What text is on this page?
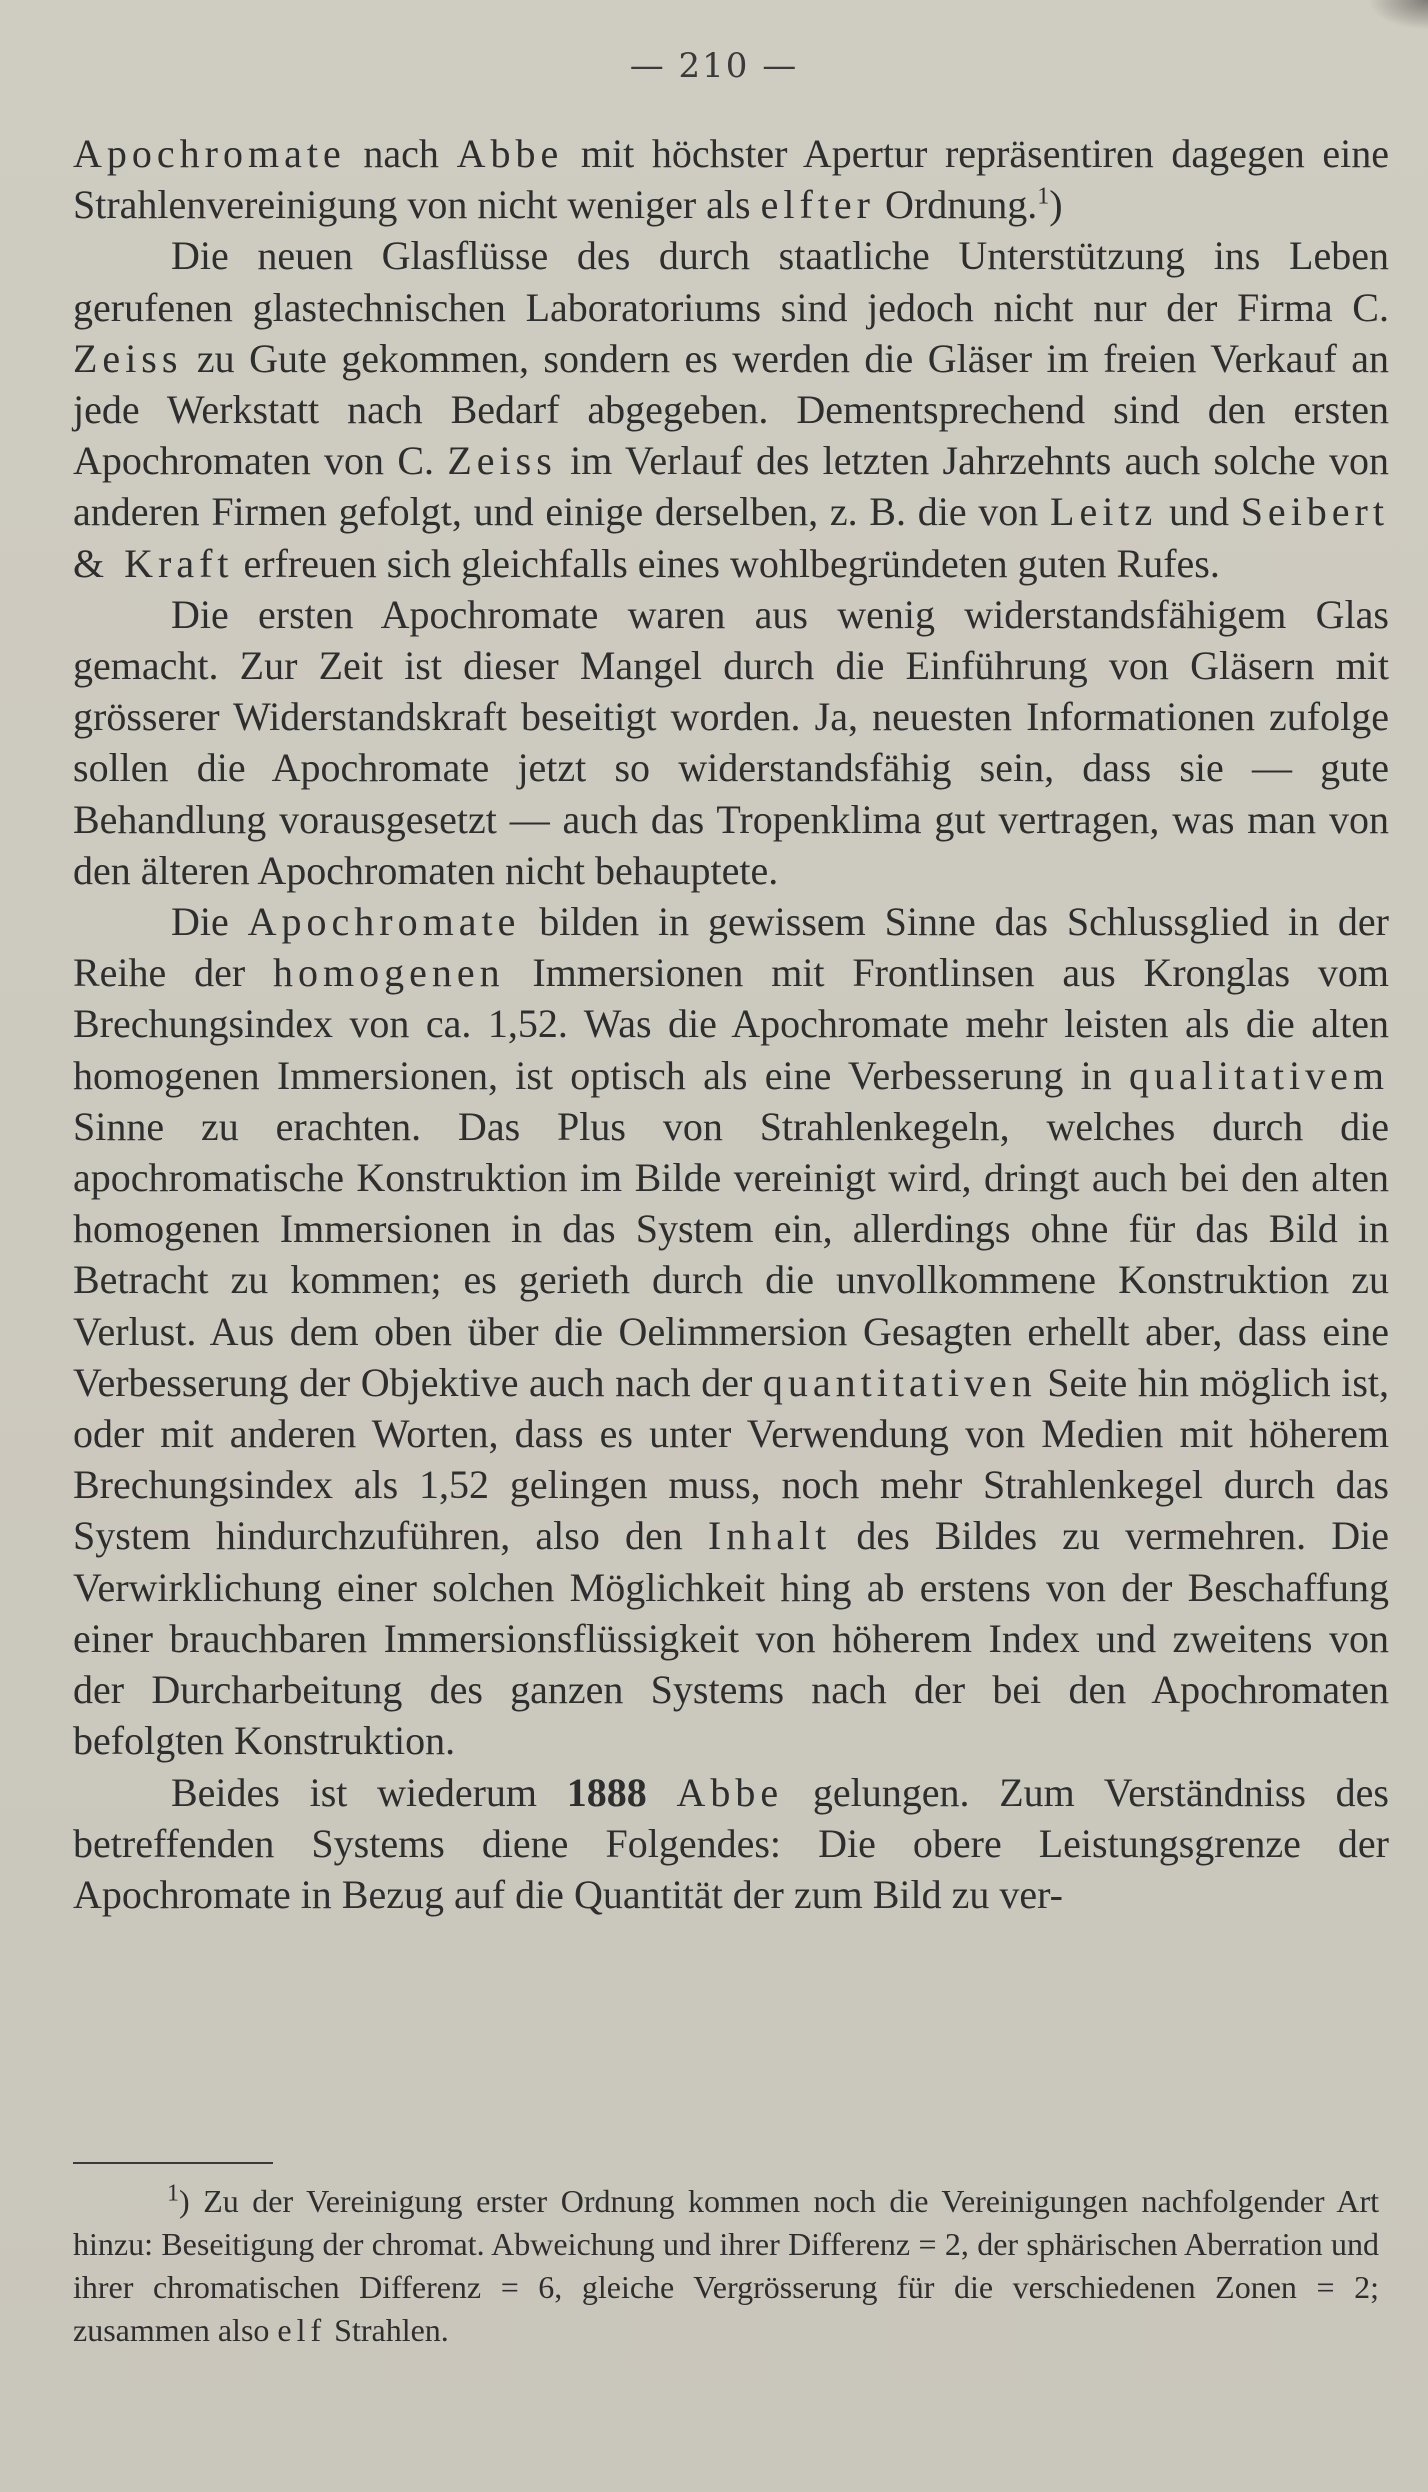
— 210 —

Apochromate nach Abbe mit höchster Apertur repräsentiren dagegen eine Strahlenvereinigung von nicht weniger als elfter Ordnung.$^1$)

Die neuen Glasflüsse des durch staatliche Unterstützung ins Leben gerufenen glastechnischen Laboratoriums sind jedoch nicht nur der Firma C. Zeiss zu Gute gekommen, sondern es werden die Gläser im freien Verkauf an jede Werkstatt nach Bedarf abgegeben. Dementsprechend sind den ersten Apochromaten von C. Zeiss im Verlauf des letzten Jahrzehnts auch solche von anderen Firmen gefolgt, und einige derselben, z. B. die von Leitz und Seibert & Kraft erfreuen sich gleichfalls eines wohlbegründeten guten Rufes.

Die ersten Apochromate waren aus wenig widerstandsfähigem Glas gemacht. Zur Zeit ist dieser Mangel durch die Einführung von Gläsern mit grösserer Widerstandskraft beseitigt worden. Ja, neuesten Informationen zufolge sollen die Apochromate jetzt so widerstandsfähig sein, dass sie — gute Behandlung vorausgesetzt — auch das Tropenklima gut vertragen, was man von den älteren Apochromaten nicht behauptete.

Die Apochromate bilden in gewissem Sinne das Schlussglied in der Reihe der homogenen Immersionen mit Frontlinsen aus Kronglas vom Brechungsindex von ca. 1,52. Was die Apochromate mehr leisten als die alten homogenen Immersionen, ist optisch als eine Verbesserung in qualitativem Sinne zu erachten. Das Plus von Strahlenkegeln, welches durch die apochromatische Konstruktion im Bilde vereinigt wird, dringt auch bei den alten homogenen Immersionen in das System ein, allerdings ohne für das Bild in Betracht zu kommen; es gerieth durch die unvollkommene Konstruktion zu Verlust. Aus dem oben über die Oelimmersion Gesagten erhellt aber, dass eine Verbesserung der Objektive auch nach der quantitativen Seite hin möglich ist, oder mit anderen Worten, dass es unter Verwendung von Medien mit höherem Brechungsindex als 1,52 gelingen muss, noch mehr Strahlenkegel durch das System hindurchzuführen, also den Inhalt des Bildes zu vermehren. Die Verwirklichung einer solchen Möglichkeit hing ab erstens von der Beschaffung einer brauchbaren Immersionsflüssigkeit von höherem Index und zweitens von der Durcharbeitung des ganzen Systems nach der bei den Apochromaten befolgten Konstruktion.

Beides ist wiederum 1888 Abbe gelungen. Zum Verständniss des betreffenden Systems diene Folgendes: Die obere Leistungsgrenze der Apochromate in Bezug auf die Quantität der zum Bild zu ver-

$^1$) Zu der Vereinigung erster Ordnung kommen noch die Vereinigungen nachfolgender Art hinzu: Beseitigung der chromat. Abweichung und ihrer Differenz = 2, der sphärischen Aberration und ihrer chromatischen Differenz = 6, gleiche Vergrösserung für die verschiedenen Zonen = 2; zusammen also elf Strahlen.
